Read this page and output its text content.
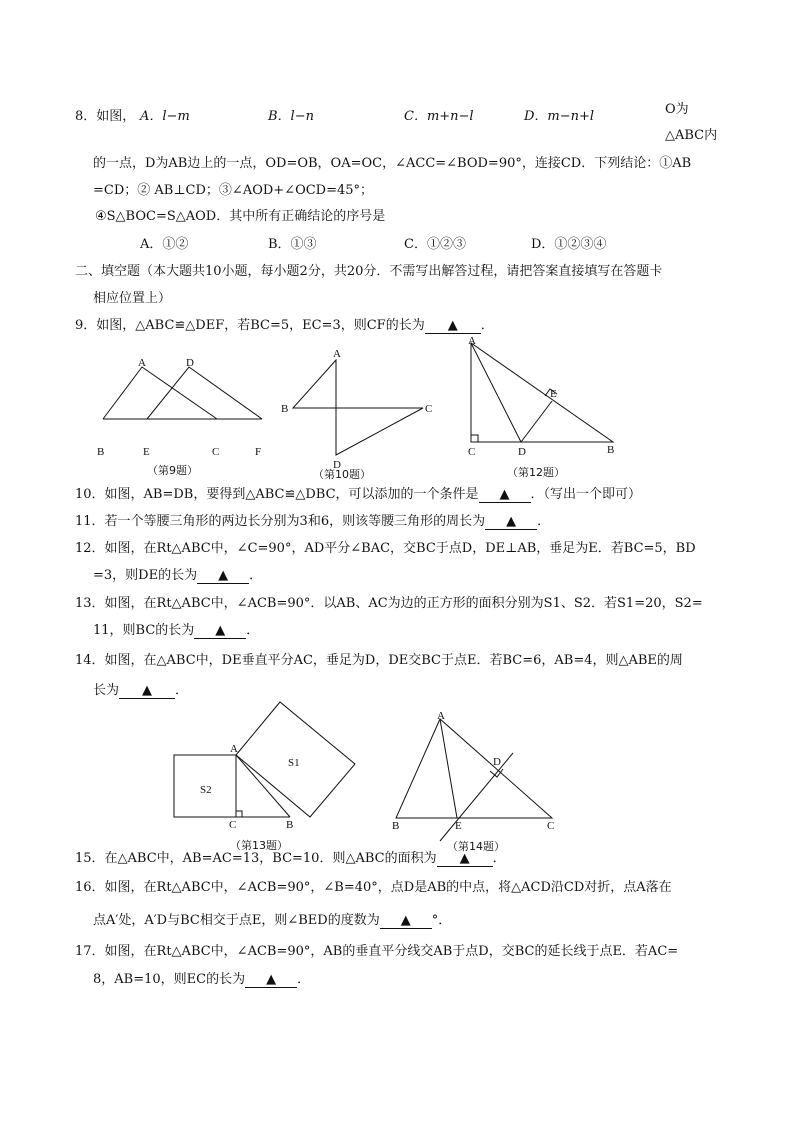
8．如图， A．l−m	B．l−n	C．m+n−l	D．m−n+l	O为
△ABC内
的一点，D为AB边上的一点，OD=OB，OA=OC，∠ACC=∠BOD=90°，连接CD．下列结论：①AB
=CD；② AB⊥CD；③∠AOD+∠OCD=45°；
④S△BOC=S△AOD．其中所有正确结论的序号是
A．①②	B．①③	C．①②③	D．①②③④
二、填空题（本大题共10小题，每小题2分，共20分．不需写出解答过程，请把答案直接填写在答题卡
相应位置上）
9．如图，△ABC≌△DEF，若BC=5，EC=3，则CF的长为 ▲ ．
A	D
B	E	C	F
（第9题）
A
B	C
D
（第10题）
A
E
C	D	B
（第12题）
10．如图，AB=DB，要得到△ABC≌△DBC，可以添加的一个条件是 ▲ ．（写出一个即可）
11．若一个等腰三角形的两边长分别为3和6，则该等腰三角形的周长为 ▲ ．
12．如图，在Rt△ABC中，∠C=90°，AD平分∠BAC，交BC于点D，DE⊥AB，垂足为E．若BC=5，BD
=3，则DE的长为 ▲ ．
13．如图，在Rt△ABC中，∠ACB=90°．以AB、AC为边的正方形的面积分别为S1、S2．若S1=20，S2=
11，则BC的长为 ▲ ．
14．如图，在△ABC中，DE垂直平分AC，垂足为D，DE交BC于点E．若BC=6，AB=4，则△ABE的周
长为 ▲ ．
A
S1
S2
C	B
（第13题）
A
D
B	E	C
（第14题）
15．在△ABC中，AB=AC=13，BC=10．则△ABC的面积为 ▲ ．
16．如图，在Rt△ABC中，∠ACB=90°，∠B=40°，点D是AB的中点，将△ACD沿CD对折，点A落在
点A′处，A′D与BC相交于点E，则∠BED的度数为 ▲ °．
17．如图，在Rt△ABC中，∠ACB=90°，AB的垂直平分线交AB于点D，交BC的延长线于点E．若AC=
8，AB=10，则EC的长为 ▲ ．
